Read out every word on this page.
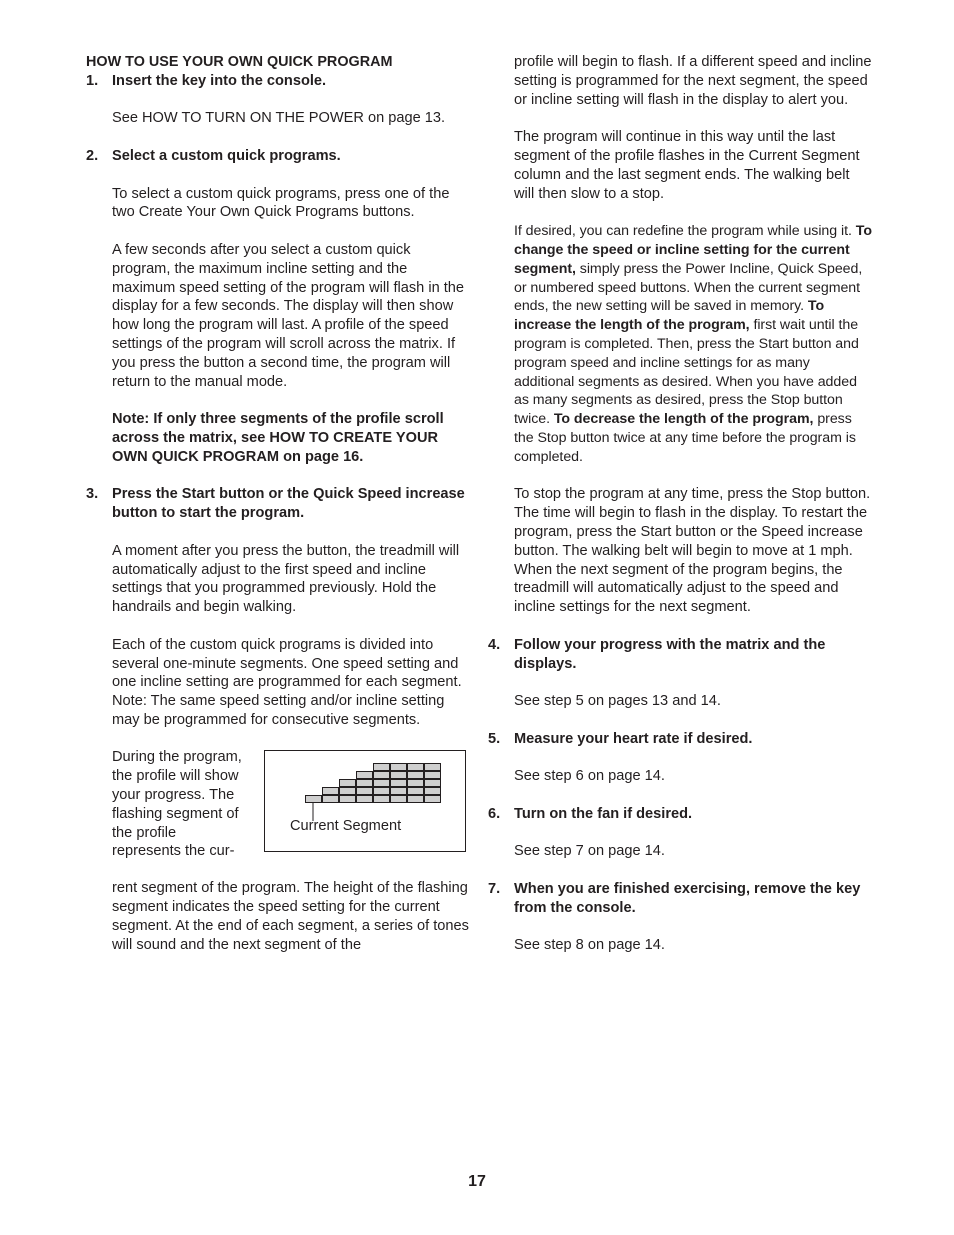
HOW TO USE YOUR OWN QUICK PROGRAM

1. Insert the key into the console.

See HOW TO TURN ON THE POWER on page 13.

2. Select a custom quick programs.

To select a custom quick programs, press one of the two Create Your Own Quick Programs buttons.

A few seconds after you select a custom quick program, the maximum incline setting and the maximum speed setting of the program will flash in the display for a few seconds. The display will then show how long the program will last. A profile of the speed settings of the program will scroll across the matrix. If you press the button a second time, the program will return to the manual mode.

Note: If only three segments of the profile scroll across the matrix, see HOW TO CREATE YOUR OWN QUICK PROGRAM on page 16.

3. Press the Start button or the Quick Speed increase button to start the program.

A moment after you press the button, the treadmill will automatically adjust to the first speed and incline settings that you programmed previously. Hold the handrails and begin walking.

Each of the custom quick programs is divided into several one-minute segments. One speed setting and one incline setting are programmed for each segment. Note: The same speed setting and/or incline setting may be programmed for consecutive segments.

During the program, the profile will show your progress. The flashing segment of the profile represents the cur-

Current Segment

rent segment of the program. The height of the flashing segment indicates the speed setting for the current segment. At the end of each segment, a series of tones will sound and the next segment of the

profile will begin to flash. If a different speed and incline setting is programmed for the next segment, the speed or incline setting will flash in the display to alert you.

The program will continue in this way until the last segment of the profile flashes in the Current Segment column and the last segment ends. The walking belt will then slow to a stop.

If desired, you can redefine the program while using it. To change the speed or incline setting for the current segment, simply press the Power Incline, Quick Speed, or numbered speed buttons. When the current segment ends, the new setting will be saved in memory. To increase the length of the program, first wait until the program is completed. Then, press the Start button and program speed and incline settings for as many additional segments as desired. When you have added as many segments as desired, press the Stop button twice. To decrease the length of the program, press the Stop button twice at any time before the program is completed.

To stop the program at any time, press the Stop button. The time will begin to flash in the display. To restart the program, press the Start button or the Speed increase button. The walking belt will begin to move at 1 mph. When the next segment of the program begins, the treadmill will automatically adjust to the speed and incline settings for the next segment.

4. Follow your progress with the matrix and the displays.

See step 5 on pages 13 and 14.

5. Measure your heart rate if desired.

See step 6 on page 14.

6. Turn on the fan if desired.

See step 7 on page 14.

7. When you are finished exercising, remove the key from the console.

See step 8 on page 14.

17
